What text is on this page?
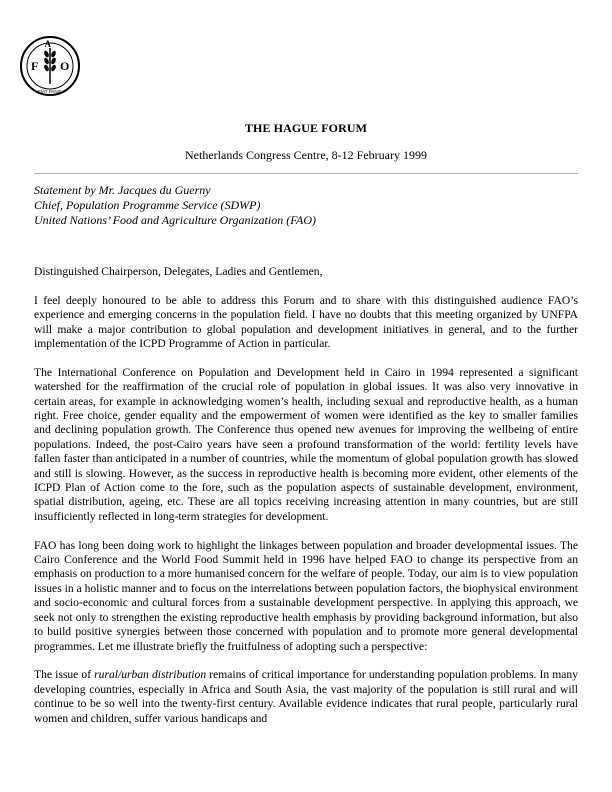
F O
A
FIAT PANIS
THE HAGUE FORUM
Netherlands Congress Centre, 8-12 February 1999
Statement by Mr. Jacques du Guerny
Chief, Population Programme Service (SDWP)
United Nations’ Food and Agriculture Organization (FAO)

Distinguished Chairperson, Delegates, Ladies and Gentlemen,

I feel deeply honoured to be able to address this Forum and to share with this distinguished audience FAO’s experience and emerging concerns in the population field. I have no doubts that this meeting organized by UNFPA will make a major contribution to global population and development initiatives in general, and to the further implementation of the ICPD Programme of Action in particular.

The International Conference on Population and Development held in Cairo in 1994 represented a significant watershed for the reaffirmation of the crucial role of population in global issues. It was also very innovative in certain areas, for example in acknowledging women’s health, including sexual and reproductive health, as a human right. Free choice, gender equality and the empowerment of women were identified as the key to smaller families and declining population growth. The Conference thus opened new avenues for improving the wellbeing of entire populations. Indeed, the post-Cairo years have seen a profound transformation of the world: fertility levels have fallen faster than anticipated in a number of countries, while the momentum of global population growth has slowed and still is slowing. However, as the success in reproductive health is becoming more evident, other elements of the ICPD Plan of Action come to the fore, such as the population aspects of sustainable development, environment, spatial distribution, ageing, etc. These are all topics receiving increasing attention in many countries, but are still insufficiently reflected in long-term strategies for development.

FAO has long been doing work to highlight the linkages between population and broader developmental issues. The Cairo Conference and the World Food Summit held in 1996 have helped FAO to change its perspective from an emphasis on production to a more humanised concern for the welfare of people. Today, our aim is to view population issues in a holistic manner and to focus on the interrelations between population factors, the biophysical environment and socio-economic and cultural forces from a sustainable development perspective. In applying this approach, we seek not only to strengthen the existing reproductive health emphasis by providing background information, but also to build positive synergies between those concerned with population and to promote more general developmental programmes. Let me illustrate briefly the fruitfulness of adopting such a perspective:

The issue of rural/urban distribution remains of critical importance for understanding population problems. In many developing countries, especially in Africa and South Asia, the vast majority of the population is still rural and will continue to be so well into the twenty-first century. Available evidence indicates that rural people, particularly rural women and children, suffer various handicaps and
